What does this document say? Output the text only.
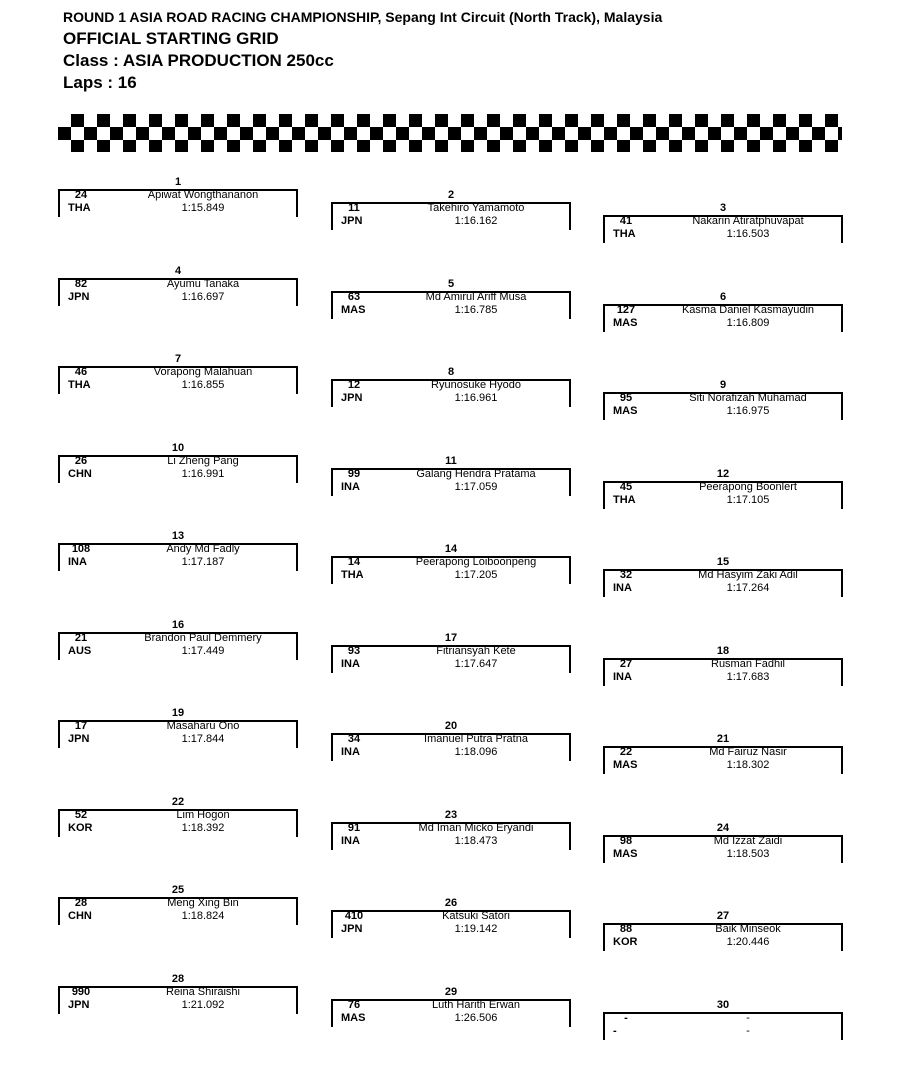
ROUND 1 ASIA ROAD RACING CHAMPIONSHIP, Sepang Int Circuit (North Track), Malaysia
OFFICIAL STARTING GRID
Class : ASIA PRODUCTION 250cc
Laps : 16
1
24
THA
Apiwat Wongthananon
1:15.849
2
11
JPN
Takehiro Yamamoto
1:16.162
3
41
THA
Nakarin Atiratphuvapat
1:16.503
4
82
JPN
Ayumu Tanaka
1:16.697
5
63
MAS
Md Amirul Ariff Musa
1:16.785
6
127
MAS
Kasma Daniel Kasmayudin
1:16.809
7
46
THA
Vorapong Malahuan
1:16.855
8
12
JPN
Ryunosuke Hyodo
1:16.961
9
95
MAS
Siti Norafizah Muhamad
1:16.975
10
26
CHN
Li Zheng Pang
1:16.991
11
99
INA
Galang Hendra Pratama
1:17.059
12
45
THA
Peerapong Boonlert
1:17.105
13
108
INA
Andy Md Fadly
1:17.187
14
14
THA
Peerapong Loiboonpeng
1:17.205
15
32
INA
Md Hasyim Zaki Adil
1:17.264
16
21
AUS
Brandon Paul Demmery
1:17.449
17
93
INA
Fitriansyah Kete
1:17.647
18
27
INA
Rusman Fadhil
1:17.683
19
17
JPN
Masaharu Ono
1:17.844
20
34
INA
Imanuel Putra Pratna
1:18.096
21
22
MAS
Md Fairuz Nasir
1:18.302
22
52
KOR
Lim Hogon
1:18.392
23
91
INA
Md Iman Micko Eryandi
1:18.473
24
98
MAS
Md Izzat Zaidi
1:18.503
25
28
CHN
Meng Xing Bin
1:18.824
26
410
JPN
Katsuki Satori
1:19.142
27
88
KOR
Baik Minseok
1:20.446
28
990
JPN
Reina Shiraishi
1:21.092
29
76
MAS
Luth Harith Erwan
1:26.506
30
-
-
-
-
